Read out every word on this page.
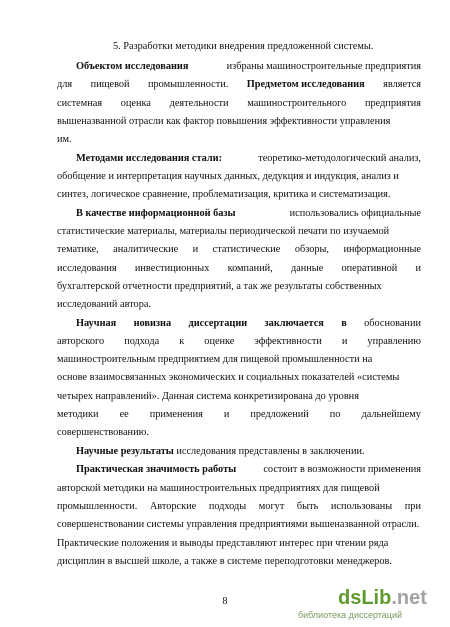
5. Разработки методики внедрения предложенной системы.
Объектом исследования	избраны машиностроительные предприятия
для пищевой промышленности. Предметом исследования является
системная оценка деятельности машиностроительного предприятия
вышеназванной отрасли как фактор повышения эффективности управления
им.
Методами исследования стали:	теоретико-методологический анализ,
обобщение и интерпретация научных данных, дедукция и индукция, анализ и
синтез, логическое сравнение, проблематизация, критика и систематизация.
В качестве информационной базы	использовались официальные
статистические материалы, материалы периодической печати по изучаемой
тематике, аналитические и статистические обзоры, информационные
исследования инвестиционных компаний, данные оперативной и
бухгалтерской отчетности предприятий, а так же результаты собственных
исследований автора.
Научная новизна диссертации заключается в обосновании
авторского подхода к оценке эффективности и управлению
машиностроительным предприятием для пищевой промышленности на
основе взаимосвязанных экономических и социальных показателей «системы
четырех направлений». Данная система конкретизирована до уровня
методики ее применения и предложений по дальнейшему
совершенствованию.
Научные результаты исследования представлены в заключении.
Практическая значимость работы	состоит в возможности применения
авторской методики на машиностроительных предприятиях для пищевой
промышленности. Авторские подходы могут быть использованы при
совершенствовании системы управления предприятиями вышеназванной отрасли.
Практические положения и выводы представляют интерес при чтении ряда
дисциплин в высшей школе, а также в системе переподготовки менеджеров.
8	dsLib.net
библиотека диссертаций
